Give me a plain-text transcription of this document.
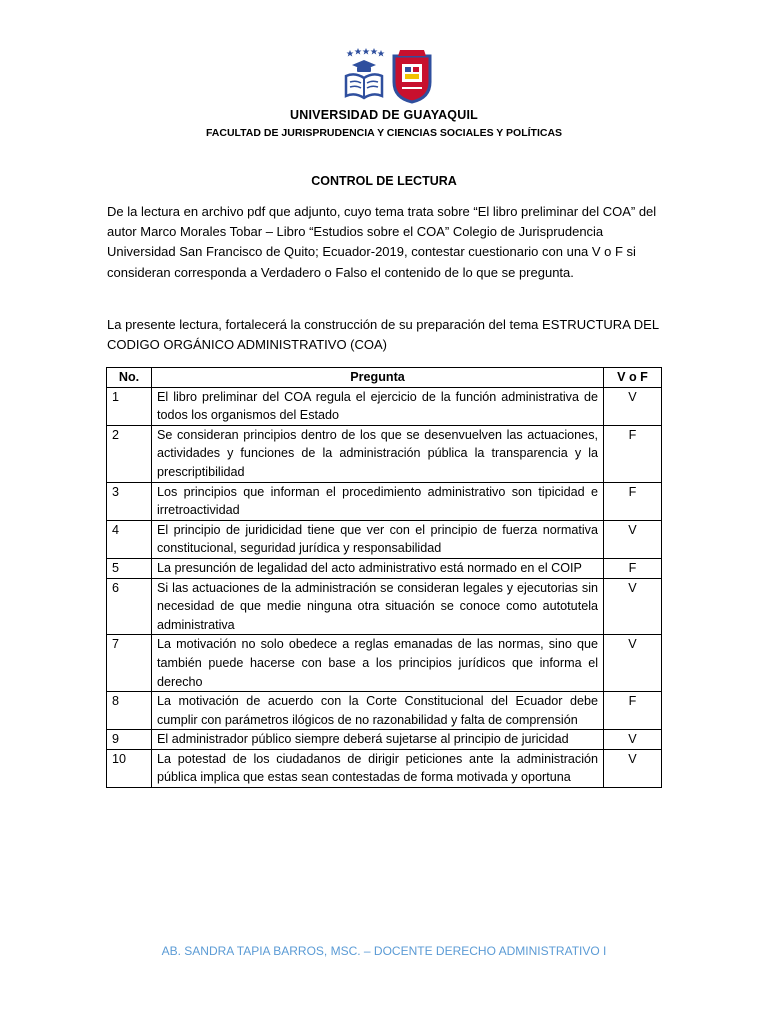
UNIVERSIDAD DE GUAYAQUIL
FACULTAD DE JURISPRUDENCIA Y CIENCIAS SOCIALES Y POLÍTICAS
CONTROL DE LECTURA

De la lectura en archivo pdf que adjunto, cuyo tema trata sobre “El libro preliminar del COA” del autor Marco Morales Tobar – Libro “Estudios sobre el COA” Colegio de Jurisprudencia Universidad San Francisco de Quito; Ecuador-2019, contestar cuestionario con una V o F si consideran corresponda a Verdadero o Falso el contenido de lo que se pregunta.

La presente lectura, fortalecerá la construcción de su preparación del tema ESTRUCTURA DEL CODIGO ORGÁNICO ADMINISTRATIVO (COA)

No.	Pregunta	V o F
1	El libro preliminar del COA regula el ejercicio de la función administrativa de todos los organismos del Estado	V
2	Se consideran principios dentro de los que se desenvuelven las actuaciones, actividades y funciones de la administración pública la transparencia y la prescriptibilidad	F
3	Los principios que informan el procedimiento administrativo son tipicidad e irretroactividad	F
4	El principio de juridicidad tiene que ver con el principio de fuerza normativa constitucional, seguridad jurídica y responsabilidad	V
5	La presunción de legalidad del acto administrativo está normado en el COIP	F
6	Si las actuaciones de la administración se consideran legales y ejecutorias sin necesidad de que medie ninguna otra situación se conoce como autotutela administrativa	V
7	La motivación no solo obedece a reglas emanadas de las normas, sino que también puede hacerse con base a los principios jurídicos que informa el derecho	V
8	La motivación de acuerdo con la Corte Constitucional del Ecuador debe cumplir con parámetros ilógicos de no razonabilidad y falta de comprensión	F
9	El administrador público siempre deberá sujetarse al principio de juricidad	V
10	La potestad de los ciudadanos de dirigir peticiones ante la administración pública implica que estas sean contestadas de forma motivada y oportuna	V
AB. SANDRA TAPIA BARROS, MSC. – DOCENTE DERECHO ADMINISTRATIVO I
